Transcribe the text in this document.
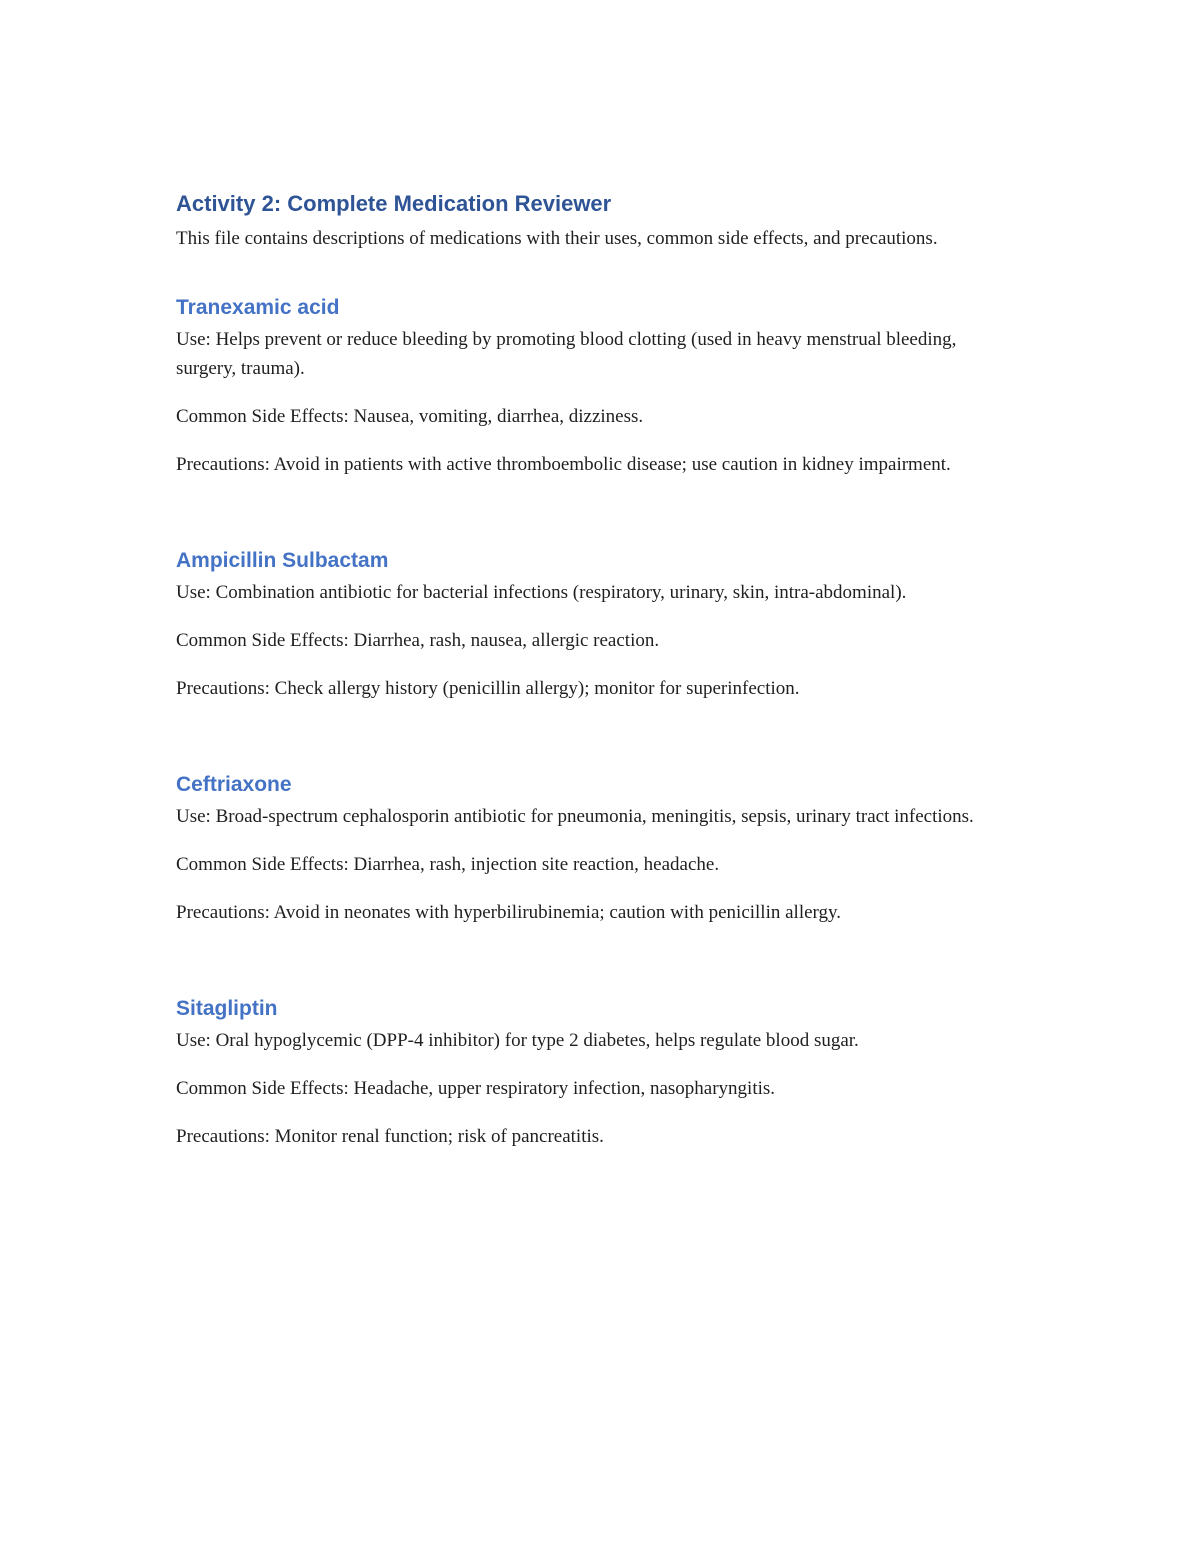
Activity 2: Complete Medication Reviewer

This file contains descriptions of medications with their uses, common side effects, and precautions.

Tranexamic acid

Use: Helps prevent or reduce bleeding by promoting blood clotting (used in heavy menstrual bleeding, surgery, trauma).

Common Side Effects: Nausea, vomiting, diarrhea, dizziness.

Precautions: Avoid in patients with active thromboembolic disease; use caution in kidney impairment.

Ampicillin Sulbactam

Use: Combination antibiotic for bacterial infections (respiratory, urinary, skin, intra-abdominal).

Common Side Effects: Diarrhea, rash, nausea, allergic reaction.

Precautions: Check allergy history (penicillin allergy); monitor for superinfection.

Ceftriaxone

Use: Broad-spectrum cephalosporin antibiotic for pneumonia, meningitis, sepsis, urinary tract infections.

Common Side Effects: Diarrhea, rash, injection site reaction, headache.

Precautions: Avoid in neonates with hyperbilirubinemia; caution with penicillin allergy.

Sitagliptin

Use: Oral hypoglycemic (DPP-4 inhibitor) for type 2 diabetes, helps regulate blood sugar.

Common Side Effects: Headache, upper respiratory infection, nasopharyngitis.

Precautions: Monitor renal function; risk of pancreatitis.
